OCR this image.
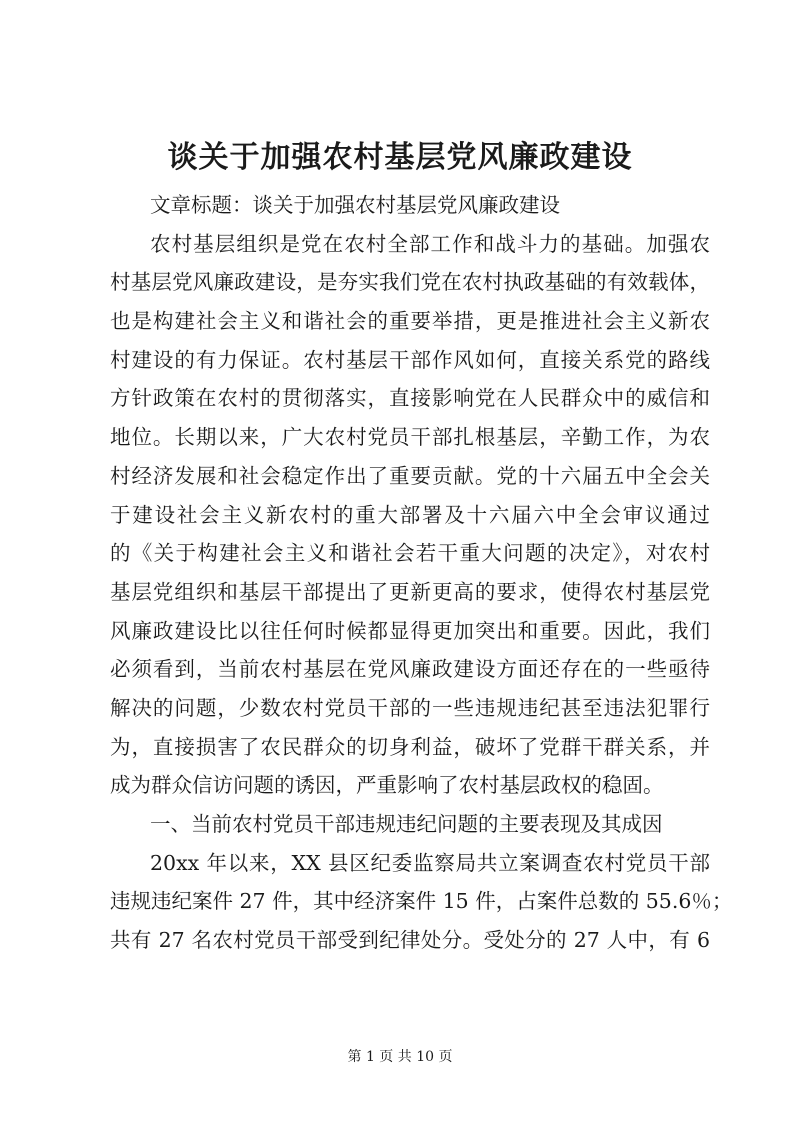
谈关于加强农村基层党风廉政建设

文章标题：谈关于加强农村基层党风廉政建设

农村基层组织是党在农村全部工作和战斗力的基础。加强农

村基层党风廉政建设，是夯实我们党在农村执政基础的有效载体，

也是构建社会主义和谐社会的重要举措，更是推进社会主义新农

村建设的有力保证。农村基层干部作风如何，直接关系党的路线

方针政策在农村的贯彻落实，直接影响党在人民群众中的威信和

地位。长期以来，广大农村党员干部扎根基层，辛勤工作，为农

村经济发展和社会稳定作出了重要贡献。党的十六届五中全会关

于建设社会主义新农村的重大部署及十六届六中全会审议通过

的《关于构建社会主义和谐社会若干重大问题的决定》，对农村

基层党组织和基层干部提出了更新更高的要求，使得农村基层党

风廉政建设比以往任何时候都显得更加突出和重要。因此，我们

必须看到，当前农村基层在党风廉政建设方面还存在的一些亟待

解决的问题，少数农村党员干部的一些违规违纪甚至违法犯罪行

为，直接损害了农民群众的切身利益，破坏了党群干群关系，并

成为群众信访问题的诱因，严重影响了农村基层政权的稳固。

一、当前农村党员干部违规违纪问题的主要表现及其成因

20xx 年以来，XX 县区纪委监察局共立案调查农村党员干部

违规违纪案件 27 件，其中经济案件 15 件，占案件总数的 55.6％；

共有 27 名农村党员干部受到纪律处分。受处分的 27 人中，有 6

第 1 页 共 10 页
